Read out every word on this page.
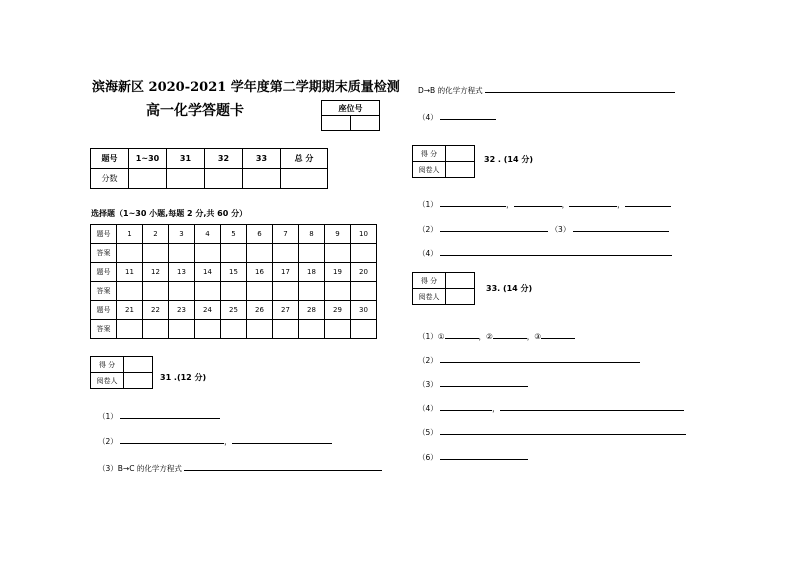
滨海新区 2020-2021 学年度第二学期期末质量检测
高一化学答题卡	座位号

题号	1~30	31	32	33	总 分
分数					
选择题（1~30 小题,每题 2 分,共 60 分）
题号	1	2	3	4	5	6	7	8	9	10
答案										
题号	11	12	13	14	15	16	17	18	19	20
答案										
题号	21	22	23	24	25	26	27	28	29	30
答案										
得 分	
阅卷人		31 .(12 分)
（1）
（2）	，
（3）B→C 的化学方程式
D→B 的化学方程式
（4）
得 分	
阅卷人	
32 . (14 分)
（1）	，	，	，
（2）	（3）
（4）
得 分	
阅卷人	
33. (14 分)
（1）①	，②	，③
（2）
（3）
（4）	，
（5）
（6）
